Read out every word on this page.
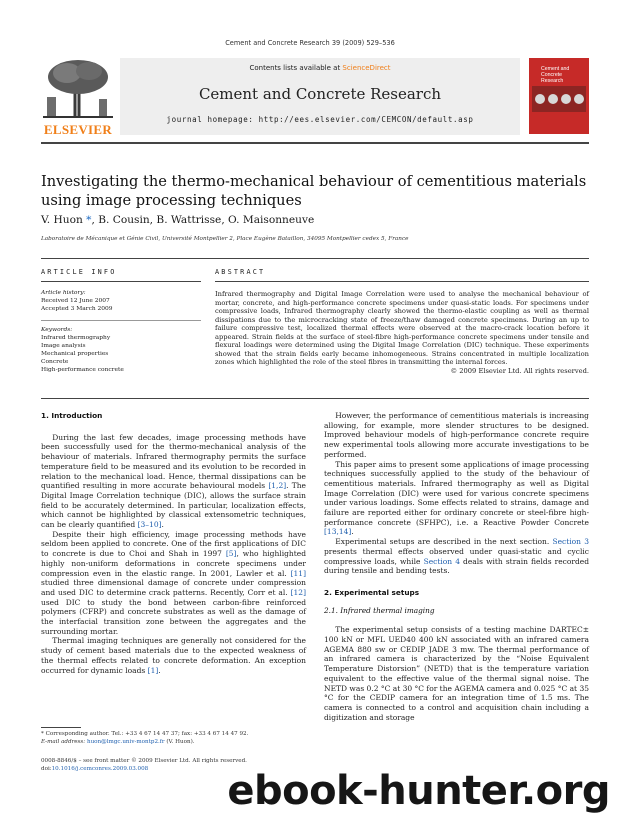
Cement and Concrete Research 39 (2009) 529–536
ELSEVIER
Contents lists available at ScienceDirect
Cement and Concrete Research
journal homepage: http://ees.elsevier.com/CEMCON/default.asp
Cement and Concrete Research
Investigating the thermo-mechanical behaviour of cementitious materials using image processing techniques
V. Huon *, B. Cousin, B. Wattrisse, O. Maisonneuve
Laboratoire de Mécanique et Génie Civil, Université Montpellier 2, Place Eugène Bataillon, 34095 Montpellier cedex 5, France
ARTICLE INFO	ABSTRACT
Article history:
Received 12 June 2007
Accepted 3 March 2009
Keywords:
Infrared thermography
Image analysis
Mechanical properties
Concrete
High-performance concrete
Infrared thermography and Digital Image Correlation were used to analyse the mechanical behaviour of mortar, concrete, and high-performance concrete specimens under quasi-static loads. For specimens under compressive loads, Infrared thermography clearly showed the thermo-elastic coupling as well as thermal dissipations due to the microcracking state of freeze/thaw damaged concrete specimens. During an up to failure compressive test, localized thermal effects were observed at the macro-crack location before it appeared. Strain fields at the surface of steel-fibre high-performance concrete specimens under tensile and flexural loadings were determined using the Digital Image Correlation (DIC) technique. These experiments showed that the strain fields early became inhomogeneous. Strains concentrated in multiple localization zones which highlighted the role of the steel fibres in transmitting the internal forces.
© 2009 Elsevier Ltd. All rights reserved.
1. Introduction

During the last few decades, image processing methods have been successfully used for the thermo-mechanical analysis of the behaviour of materials. Infrared thermography permits the surface temperature field to be measured and its evolution to be recorded in relation to the mechanical load. Hence, thermal dissipations can be quantified resulting in more accurate behavioural models [1,2]. The Digital Image Correlation technique (DIC), allows the surface strain field to be accurately determined. In particular, localization effects, which cannot be highlighted by classical extensometric techniques, can be clearly quantified [3–10].

Despite their high efficiency, image processing methods have seldom been applied to concrete. One of the first applications of DIC to concrete is due to Choi and Shah in 1997 [5], who highlighted highly non-uniform deformations in concrete specimens under compression even in the elastic range. In 2001, Lawler et al. [11] studied three dimensional damage of concrete under compression and used DIC to determine crack patterns. Recently, Corr et al. [12] used DIC to study the bond between carbon-fibre reinforced polymers (CFRP) and concrete substrates as well as the damage of the interfacial transition zone between the aggregates and the surrounding mortar.

Thermal imaging techniques are generally not considered for the study of cement based materials due to the expected weakness of the thermal effects related to concrete deformation. An exception occurred for dynamic loads [1].

However, the performance of cementitious materials is increasing allowing, for example, more slender structures to be designed. Improved behaviour models of high-performance concrete require new experimental tools allowing more accurate investigations to be performed.

This paper aims to present some applications of image processing techniques successfully applied to the study of the behaviour of cementitious materials. Infrared thermography as well as Digital Image Correlation (DIC) were used for various concrete specimens under various loadings. Some effects related to strains, damage and failure are reported either for ordinary concrete or steel-fibre high-performance concrete (SFHPC), i.e. a Reactive Powder Concrete [13,14].

Experimental setups are described in the next section. Section 3 presents thermal effects observed under quasi-static and cyclic compressive loads, while Section 4 deals with strain fields recorded during tensile and bending tests.

2. Experimental setups
2.1. Infrared thermal imaging

The experimental setup consists of a testing machine DARTEC± 100 kN or MFL UED40 400 kN associated with an infrared camera AGEMA 880 sw or CEDIP JADE 3 mw. The thermal performance of an infrared camera is characterized by the “Noise Equivalent Temperature Distorsion” (NETD) that is the temperature variation equivalent to the effective value of the thermal signal noise. The NETD was 0.2 °C at 30 °C for the AGEMA camera and 0.025 °C at 35 °C for the CEDIP camera for an integration time of 1.5 ms. The camera is connected to a control and acquisition chain including a digitization and storage

* Corresponding author. Tel.: +33 4 67 14 47 37; fax: +33 4 67 14 47 92.
E-mail address: huon@lmgc.univ-montp2.fr (V. Huon).
0008-8846/$ – see front matter © 2009 Elsevier Ltd. All rights reserved.
doi:10.1016/j.cemconres.2009.03.008	ebook-hunter.org
